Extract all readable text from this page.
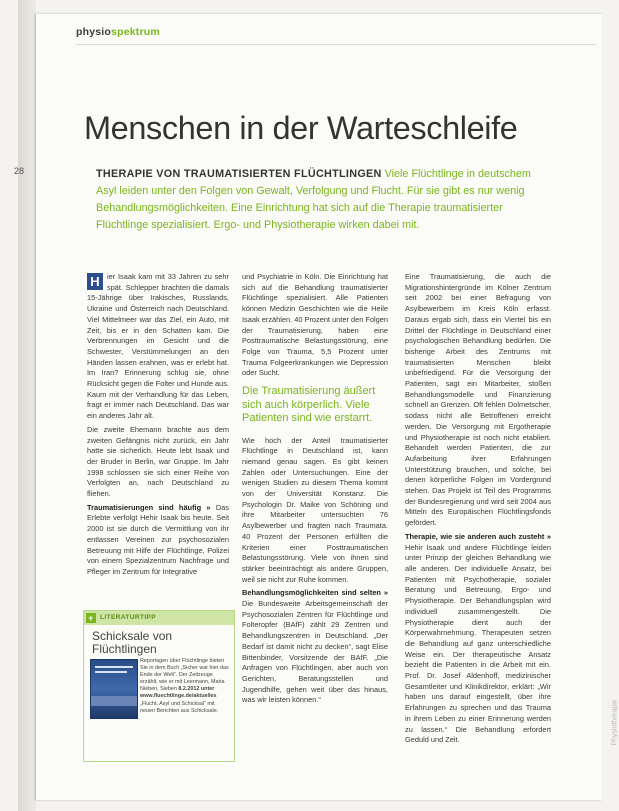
28
physiospektrum
Menschen in der Warteschleife
THERAPIE VON TRAUMATISIERTEN FLÜCHTLINGEN Viele Flüchtlinge in deutschem Asyl leiden unter den Folgen von Gewalt, Verfolgung und Flucht. Für sie gibt es nur wenig Behandlungsmöglichkeiten. Eine Einrichtung hat sich auf die Therapie traumatisierter Flüchtlinge spezialisiert. Ergo- und Physiotherapie wirken dabei mit.

H ier Isaak kam mit 33 Jahren zu sehr spät. Schlepper brachten die damals 15-Jährige über Irakisches, Russlands, Ukraine und Österreich nach Deutschland. Viel Mittelmeer war das Ziel, ein Auto, mit Zeit, bis er in den Schatten kam. Die Verbrennungen im Gesicht und die Schwester, Verstümmelungen an den Händen lassen erahnen, was er erlebt hat. Im Iran? Erinnerung schlug sie, ohne Rücksicht gegen die Folter und Hunde aus. Kaum mit der Verhandlung für das Leben, fragt er immer nach Deutschland. Das war ein anderes Jahr alt.

Die zweite Ehemann brachte aus dem zweiten Gefängnis nicht zurück, ein Jahr hatte sie sicherlich. Heute lebt Isaak und der Bruder in Berlin, war Gruppe. Im Jahr 1998 schlossen sie sich einer Reihe von Verfolgten an, nach Deutschland zu fliehen.

Traumatisierungen sind häufig » Das Erlebte verfolgt Hehir Isaak bis heute. Seit 2000 ist sie durch die Vermittlung von ihr entlassen Vereinen zur psychosozialen Betreuung mit Hilfe der Flüchtlinge, Polizei von einem Spezialzentrum Nachfrage und Pfleger im Zentrum für Integrative

und Psychiatrie in Köln. Die Einrichtung hat sich auf die Behandlung traumatisierter Flüchtlinge spezialisiert. Alle Patienten können Medizin Geschichten wie die Heile Isaak erzählen. 40 Prozent unter den Folgen der Traumatisierung, haben eine Posttraumatische Belastungsstörung, eine Folge von Trauma, 5,5 Prozent unter Trauma Folgeerkrankungen wie Depression oder Sucht.

Die Traumatisierung äußert sich auch körperlich. Viele Patienten sind wie erstarrt.

Wie hoch der Anteil traumatisierter Flüchtlinge in Deutschland ist, kann niemand genau sagen. Es gibt keinen Zahlen oder Untersuchungen. Eine der wenigen Studien zu diesem Thema kommt von der Universität Konstanz. Die Psychologin Dr. Maike von Schöning und ihre Mitarbeiter untersuchten 76 Asylbewerber und fragten nach Traumata. 40 Prozent der Personen erfüllten die Kriterien einer Posttraumatischen Belastungsstörung. Viele von ihnen sind stärker beeinträchtigt als andere Gruppen, weil sie nicht zur Ruhe kommen.

Behandlungsmöglichkeiten sind selten » Die Bundesweite Arbeitsgemeinschaft der Psychosozialen Zentren für Flüchtlinge und Folteropfer (BAfF) zählt 29 Zentren und Behandlungszentren in Deutschland. „Der Bedarf ist damit nicht zu decken“, sagt Elise Bittenbinder, Vorsitzende der BAfF. „Die Anfragen von Flüchtlingen, aber auch von Gerichten, Beratungsstellen und Jugendhilfe, gehen weit über das hinaus, was wir leisten können.“

Eine Traumatisierung, die auch die Migrationshintergründe im Kölner Zentrum seit 2002 bei einer Befragung von Asylbewerbern im Kreis Köln erfasst. Daraus ergab sich, dass ein Viertel bis ein Drittel der Flüchtlinge in Deutschland einer psychologischen Behandlung bedürfen. Die bisherige Arbeit des Zentrums mit traumatisierten Menschen bleibt unbefriedigend. Für die Versorgung der Patienten, sagt ein Mitarbeiter, stoßen Behandlungsmodelle und Finanzierung schnell an Grenzen. Oft fehlen Dolmetscher, sodass nicht alle Betroffenen erreicht werden. Die Versorgung mit Ergotherapie und Physiotherapie ist noch nicht etabliert. Behandelt werden Patienten, die zur Aufarbeitung ihrer Erfahrungen Unterstützung brauchen, und solche, bei denen körperliche Folgen im Vordergrund stehen. Das Projekt ist Teil des Programms der Bundesregierung und wird seit 2004 aus Mitteln des Europäischen Flüchtlingsfonds gefördert.

Therapie, wie sie anderen auch zusteht » Hehir Isaak und andere Flüchtlinge leiden unter Prinzip der gleichen Behandlung wie alle anderen. Der individuelle Ansatz, bei Patienten mit Psychotherapie, sozialer Beratung und Betreuung, Ergo- und Physiotherapie. Der Behandlungsplan wird individuell zusammengestellt. Die Physiotherapie dient auch der Körperwahrnehmung. Therapeuten setzen die Behandlung auf ganz unterschiedliche Weise ein. Der therapeutische Ansatz bezieht die Patienten in die Arbeit mit ein. Prof. Dr. Josef Aldenhoff, medizinischer Gesamtleiter und Klinikdirektor, erklärt: „Wir haben uns darauf eingestellt, über ihre Erfahrungen zu sprechen und das Trauma in ihrem Leben zu einer Erinnerung werden zu lassen.“ Die Behandlung erfordert Geduld und Zeit.

+ LITERATURTIPP
Schicksale von Flüchtlingen
Reportagen über Flüchtlinge bieten Sie in dem Buch „Sicher war hier das Ende der Welt“. Der Zeitzeuge erzählt, wie er mit Leermann, Maria Nieben, Sieben 8.2.2012 unter www.fluechtlinge.de/aktuelles „Flucht, Asyl und Schicksal“ mit neuen Berichten aus Schicksale.	Physiotherapie
